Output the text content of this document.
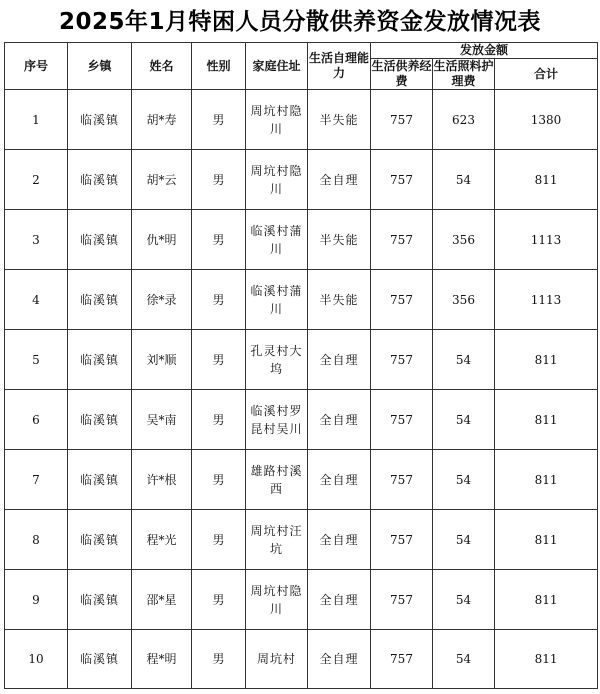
2025年1月特困人员分散供养资金发放情况表
序号	乡镇	姓名	性别	家庭住址	生活自理能力	发放金额		
						生活供养经费	生活照料护理费	合计
1	临溪镇	胡*寿	男	周坑村隐川	半失能	757	623	1380
2	临溪镇	胡*云	男	周坑村隐川	全自理	757	54	811
3	临溪镇	仇*明	男	临溪村蒲川	半失能	757	356	1113
4	临溪镇	徐*录	男	临溪村蒲川	半失能	757	356	1113
5	临溪镇	刘*顺	男	孔灵村大坞	全自理	757	54	811
6	临溪镇	吴*南	男	临溪村罗昆村吴川	全自理	757	54	811
7	临溪镇	许*根	男	雄路村溪西	全自理	757	54	811
8	临溪镇	程*光	男	周坑村汪坑	全自理	757	54	811
9	临溪镇	邵*星	男	周坑村隐川	全自理	757	54	811
10	临溪镇	程*明	男	周坑村	全自理	757	54	811
